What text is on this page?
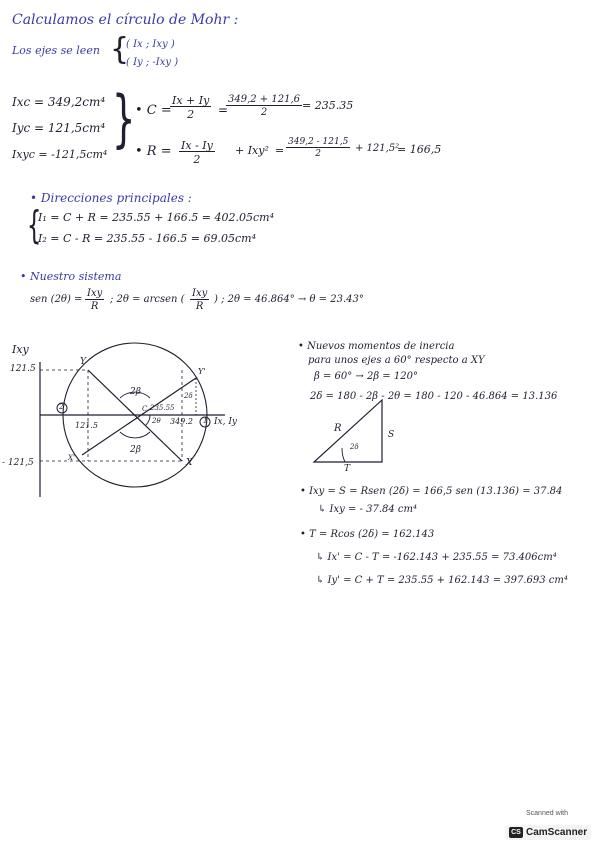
Calculamos el círculo de Mohr :
Los ejes se leen {
( Ix ; Ixy )
( Iy ; -Ixy )
Ixc = 349,2cm⁴
Iyc = 121,5cm⁴
Ixyc = -121,5cm⁴ } • C =
$\frac{Ix + Iy}{2}$ =
$\frac{349,2 + 121,6}{2} = 235.35$
• $R = \frac{Ix - Iy}{2} + Ixy^2 = \frac{349,2 - 121,5}{2} + 121,5^2$
= 166,5
• Direcciones principales :
{
I₁ = C + R = 235.55 + 166.5 = 402.05cm⁴
I₂ = C - R = 235.55 - 166.5 = 69.05cm⁴
• Nuestro sistema
sen (2θ) =
Ixy
R
; 2θ = arcsen (
Ixy
R
) ; 2θ = 46.864° → θ = 23.43°
Ixy
Ix, Iy
121.5
- 121,5
121.5	349.2
235.55
C
Y
Y'
X
X'
2β
2β
2θ
2δ
2
1
• Nuevos momentos de inercia
para unos ejes a 60° respecto a XY
β = 60° → 2β = 120°
2δ = 180 - 2β - 2θ = 180 - 120 - 46.864 = 13.136
R
S
T
2δ
• Ixy = S = Rsen (2δ) = 166,5 sen (13.136) = 37.84
↳ Ixy = - 37.84 cm⁴
• T = Rcos (2δ) = 162.143
↳ Ix' = C - T = -162.143 + 235.55 = 73.406cm⁴
↳ Iy' = C + T = 235.55 + 162.143 = 397.693 cm⁴
Scanned with
CS CamScanner
